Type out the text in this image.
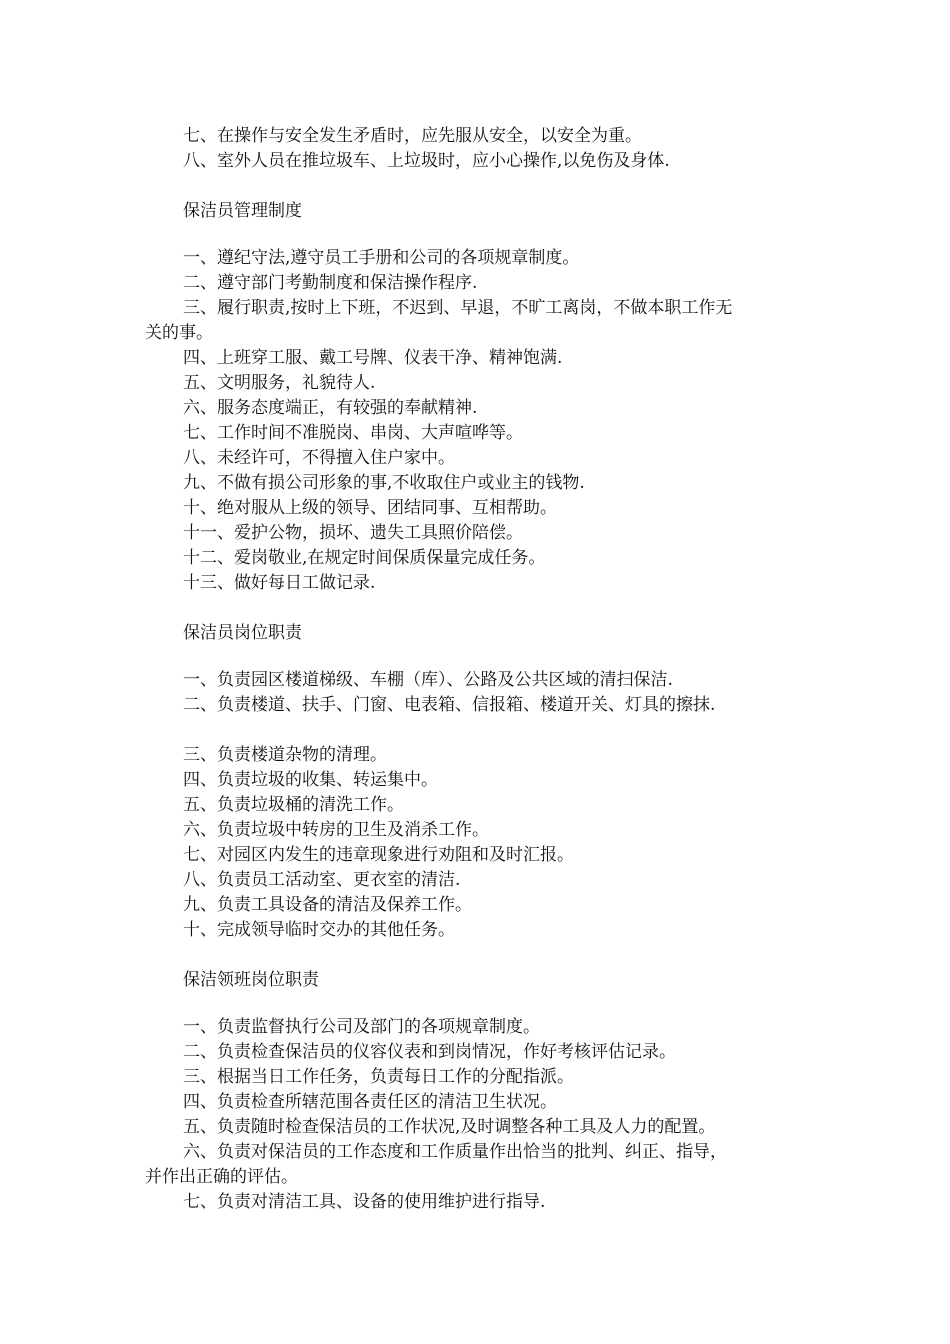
七、在操作与安全发生矛盾时，应先服从安全，以安全为重。
八、室外人员在推垃圾车、上垃圾时，应小心操作,以免伤及身体.
保洁员管理制度
一、遵纪守法,遵守员工手册和公司的各项规章制度。
二、遵守部门考勤制度和保洁操作程序.
三、履行职责,按时上下班，不迟到、早退，不旷工离岗，不做本职工作无
关的事。
四、上班穿工服、戴工号牌、仪表干净、精神饱满.
五、文明服务，礼貌待人.
六、服务态度端正，有较强的奉献精神.
七、工作时间不准脱岗、串岗、大声喧哗等。
八、未经许可，不得擅入住户家中。
九、不做有损公司形象的事,不收取住户或业主的钱物.
十、绝对服从上级的领导、团结同事、互相帮助。
十一、爱护公物，损坏、遗失工具照价陪偿。
十二、爱岗敬业,在规定时间保质保量完成任务。
十三、做好每日工做记录.
保洁员岗位职责
一、负责园区楼道梯级、车棚（库）、公路及公共区域的清扫保洁.
二、负责楼道、扶手、门窗、电表箱、信报箱、楼道开关、灯具的擦抹.
三、负责楼道杂物的清理。
四、负责垃圾的收集、转运集中。
五、负责垃圾桶的清洗工作。
六、负责垃圾中转房的卫生及消杀工作。
七、对园区内发生的违章现象进行劝阻和及时汇报。
八、负责员工活动室、更衣室的清洁.
九、负责工具设备的清洁及保养工作。
十、完成领导临时交办的其他任务。
保洁领班岗位职责
一、负责监督执行公司及部门的各项规章制度。
二、负责检查保洁员的仪容仪表和到岗情况，作好考核评估记录。
三、根据当日工作任务，负责每日工作的分配指派。
四、负责检查所辖范围各责任区的清洁卫生状况。
五、负责随时检查保洁员的工作状况,及时调整各种工具及人力的配置。
六、负责对保洁员的工作态度和工作质量作出恰当的批判、纠正、指导，
并作出正确的评估。
七、负责对清洁工具、设备的使用维护进行指导.
